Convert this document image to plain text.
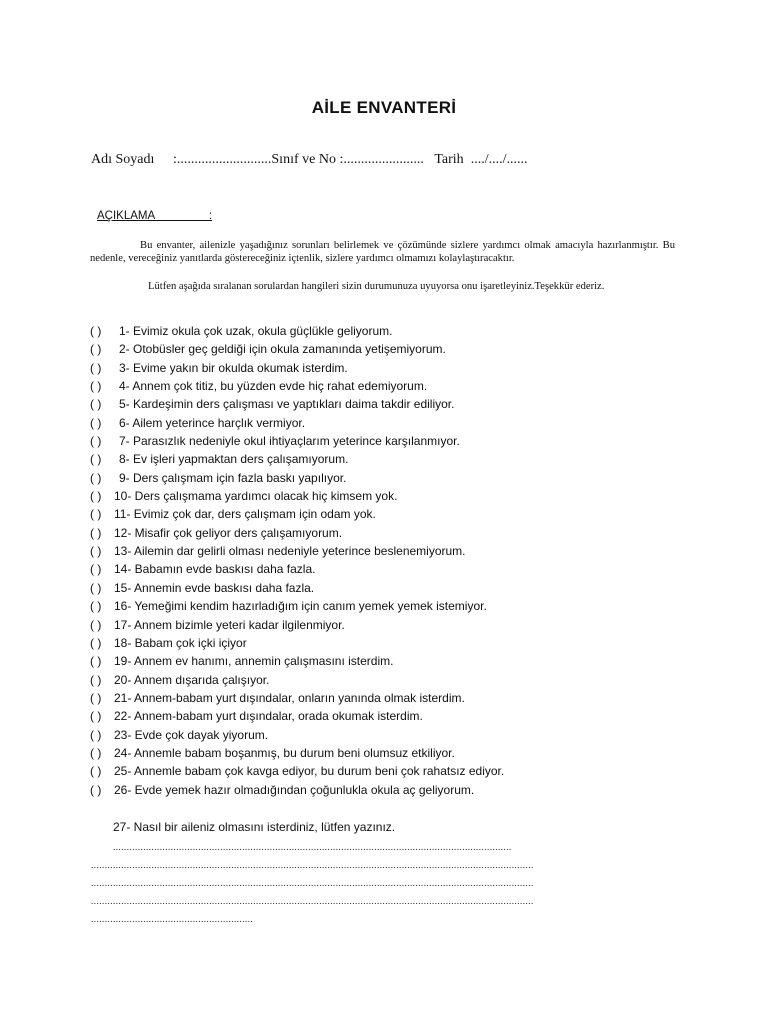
AİLE ENVANTERİ
Adı Soyadı :...........................Sınıf ve No :....................... Tarih ..../..../......
AÇIKLAMA                 :
Bu envanter, ailenizle yaşadığınız sorunları belirlemek ve çözümünde sizlere yardımcı olmak amacıyla hazırlanmıştır. Bu nedenle, vereceğiniz yanıtlarda göstereceğiniz içtenlik, sizlere yardımcı olmamızı kolaylaştıracaktır.
Lütfen aşağıda sıralanan sorulardan hangileri sizin durumunuza uyuyorsa onu işaretleyiniz.Teşekkür ederiz.
( ) 1- Evimiz okula çok uzak, okula güçlükle geliyorum.
( ) 2- Otobüsler geç geldiği için okula zamanında yetişemiyorum.
( ) 3- Evime yakın bir okulda okumak isterdim.
( ) 4- Annem çok titiz, bu yüzden evde hiç rahat edemiyorum.
( ) 5- Kardeşimin ders çalışması ve yaptıkları daima takdir ediliyor.
( ) 6- Ailem yeterince harçlık vermiyor.
( ) 7- Parasızlık nedeniyle okul ihtiyaçlarım yeterince karşılanmıyor.
( ) 8- Ev işleri yapmaktan ders çalışamıyorum.
( ) 9- Ders çalışmam için fazla baskı yapılıyor.
( ) 10- Ders çalışmama yardımcı olacak hiç kimsem yok.
( ) 11- Evimiz çok dar, ders çalışmam için odam yok.
( ) 12- Misafir çok geliyor ders çalışamıyorum.
( ) 13- Ailemin dar gelirli olması nedeniyle yeterince beslenemiyorum.
( ) 14- Babamın evde baskısı daha fazla.
( ) 15- Annemin evde baskısı daha fazla.
( ) 16- Yemeğimi kendim hazırladığım için canım yemek yemek istemiyor.
( ) 17- Annem bizimle yeteri kadar ilgilenmiyor.
( ) 18- Babam çok içki içiyor
( ) 19- Annem ev hanımı, annemin çalışmasını isterdim.
( ) 20- Annem dışarıda çalışıyor.
( ) 21- Annem-babam yurt dışındalar, onların yanında olmak isterdim.
( ) 22- Annem-babam yurt dışındalar, orada okumak isterdim.
( ) 23- Evde çok dayak yiyorum.
( ) 24- Annemle babam boşanmış, bu durum beni olumsuz etkiliyor.
( ) 25- Annemle babam çok kavga ediyor, bu durum beni çok rahatsız ediyor.
( ) 26- Evde yemek hazır olmadığından çoğunlukla okula aç geliyorum.
27- Nasıl bir aileniz olmasını isterdiniz, lütfen yazınız.
.................................................................................................................................................
.................................................................................................................................................................
.................................................................................................................................................................
.................................................................................................................................................................
...........................................................
